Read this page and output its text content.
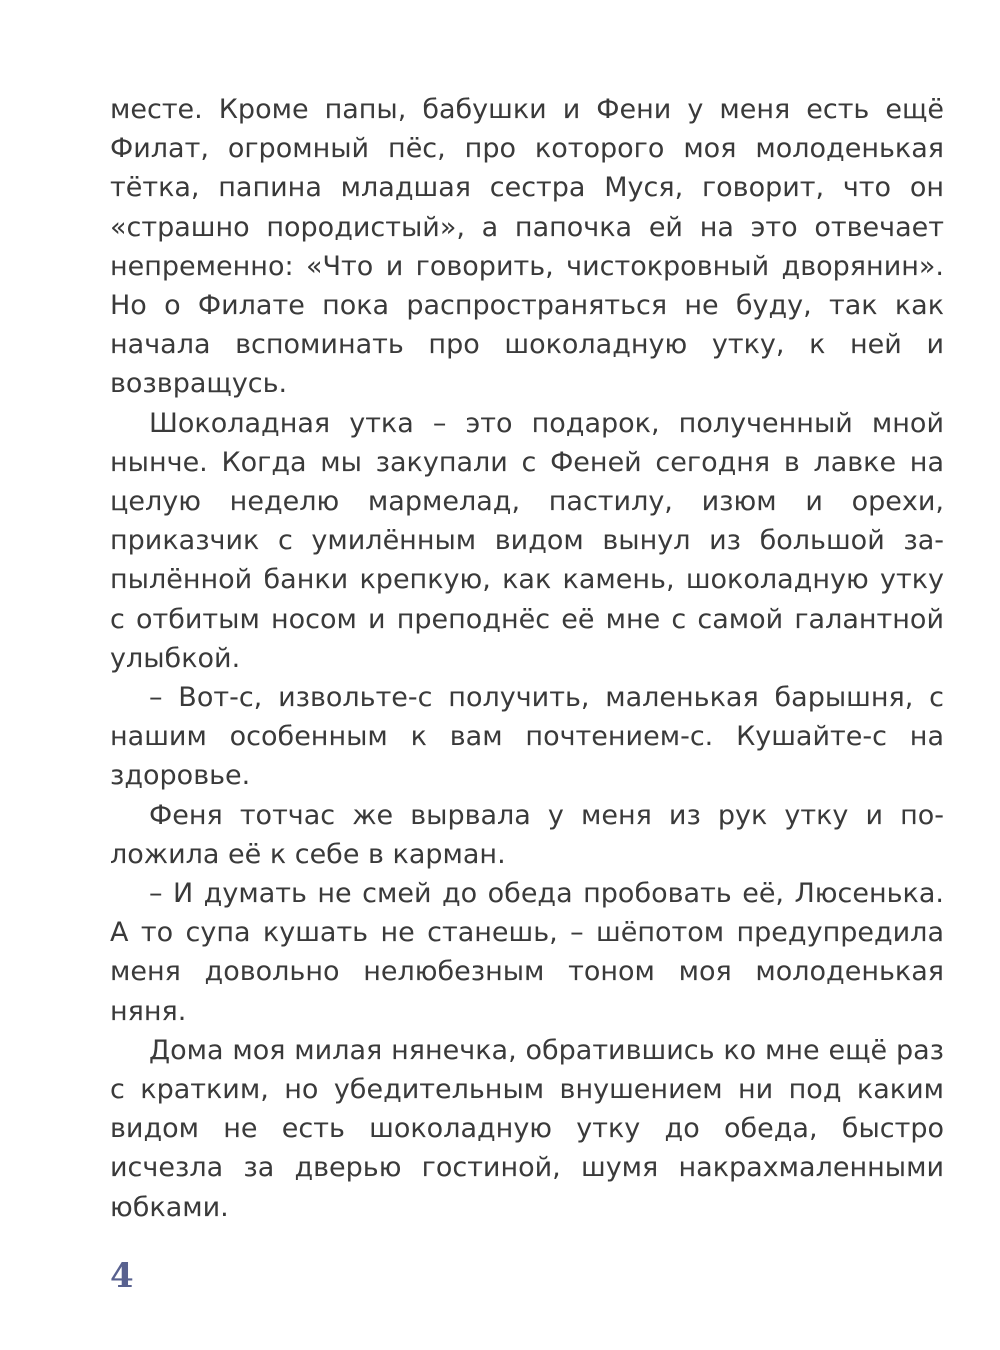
месте. Кроме папы, бабушки и Фени у меня есть ещё Филат, огромный пёс, про которого моя молоденькая тётка, папина младшая сестра Муся, говорит, что он «страшно породистый», а папочка ей на это отвечает непременно: «Что и говорить, чистокровный дворянин». Но о Филате пока распространяться не буду, так как начала вспоминать про шоколадную утку, к ней и возвращусь.

Шоколадная утка – это подарок, полученный мной нынче. Когда мы закупали с Феней сегодня в лавке на целую неделю мармелад, пастилу, изюм и орехи, приказчик с умилённым видом вынул из большой запылённой банки крепкую, как камень, шоколадную утку с отбитым носом и преподнёс её мне с самой галантной улыбкой.

– Вот-с, извольте-с получить, маленькая барышня, с нашим особенным к вам почтением-с. Кушайте-с на здоровье.

Феня тотчас же вырвала у меня из рук утку и положила её к себе в карман.

– И думать не смей до обеда пробовать её, Люсенька. А то супа кушать не станешь, – шёпотом предупредила меня довольно нелюбезным тоном моя молоденькая няня.

Дома моя милая нянечка, обратившись ко мне ещё раз с кратким, но убедительным внушением ни под каким видом не есть шоколадную утку до обеда, быстро исчезла за дверью гостиной, шумя накрахмаленными юбками.

4
